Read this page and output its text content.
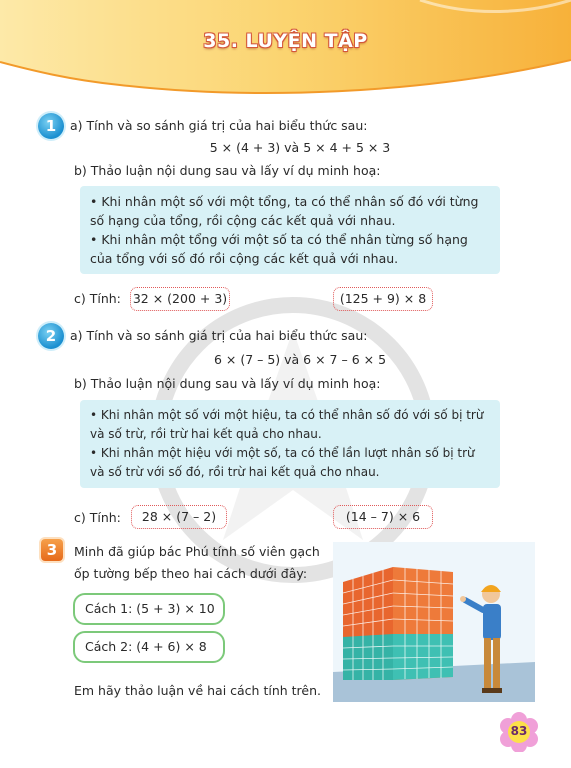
35. LUYỆN TẬP
1	a) Tính và so sánh giá trị của hai biểu thức sau:
5 × (4 + 3) và 5 × 4 + 5 × 3
b) Thảo luận nội dung sau và lấy ví dụ minh hoạ:

• Khi nhân một số với một tổng, ta có thể nhân số đó với từng

số hạng của tổng, rồi cộng các kết quả với nhau.

• Khi nhân một tổng với một số ta có thể nhân từng số hạng

của tổng với số đó rồi cộng các kết quả với nhau.

c) Tính: 32 × (200 + 3)	(125 + 9) × 8
2	a) Tính và so sánh giá trị của hai biểu thức sau:
6 × (7 – 5) và 6 × 7 – 6 × 5
b) Thảo luận nội dung sau và lấy ví dụ minh hoạ:

• Khi nhân một số với một hiệu, ta có thể nhân số đó với số bị trừ

và số trừ, rồi trừ hai kết quả cho nhau.

• Khi nhân một hiệu với một số, ta có thể lần lượt nhân số bị trừ

và số trừ với số đó, rồi trừ hai kết quả cho nhau.

c) Tính:	28 × (7 – 2)	(14 – 7) × 6
3	Minh đã giúp bác Phú tính số viên gạch
ốp tường bếp theo hai cách dưới đây:
Cách 1: (5 + 3) × 10
Cách 2: (4 + 6) × 8
Em hãy thảo luận về hai cách tính trên.
83
